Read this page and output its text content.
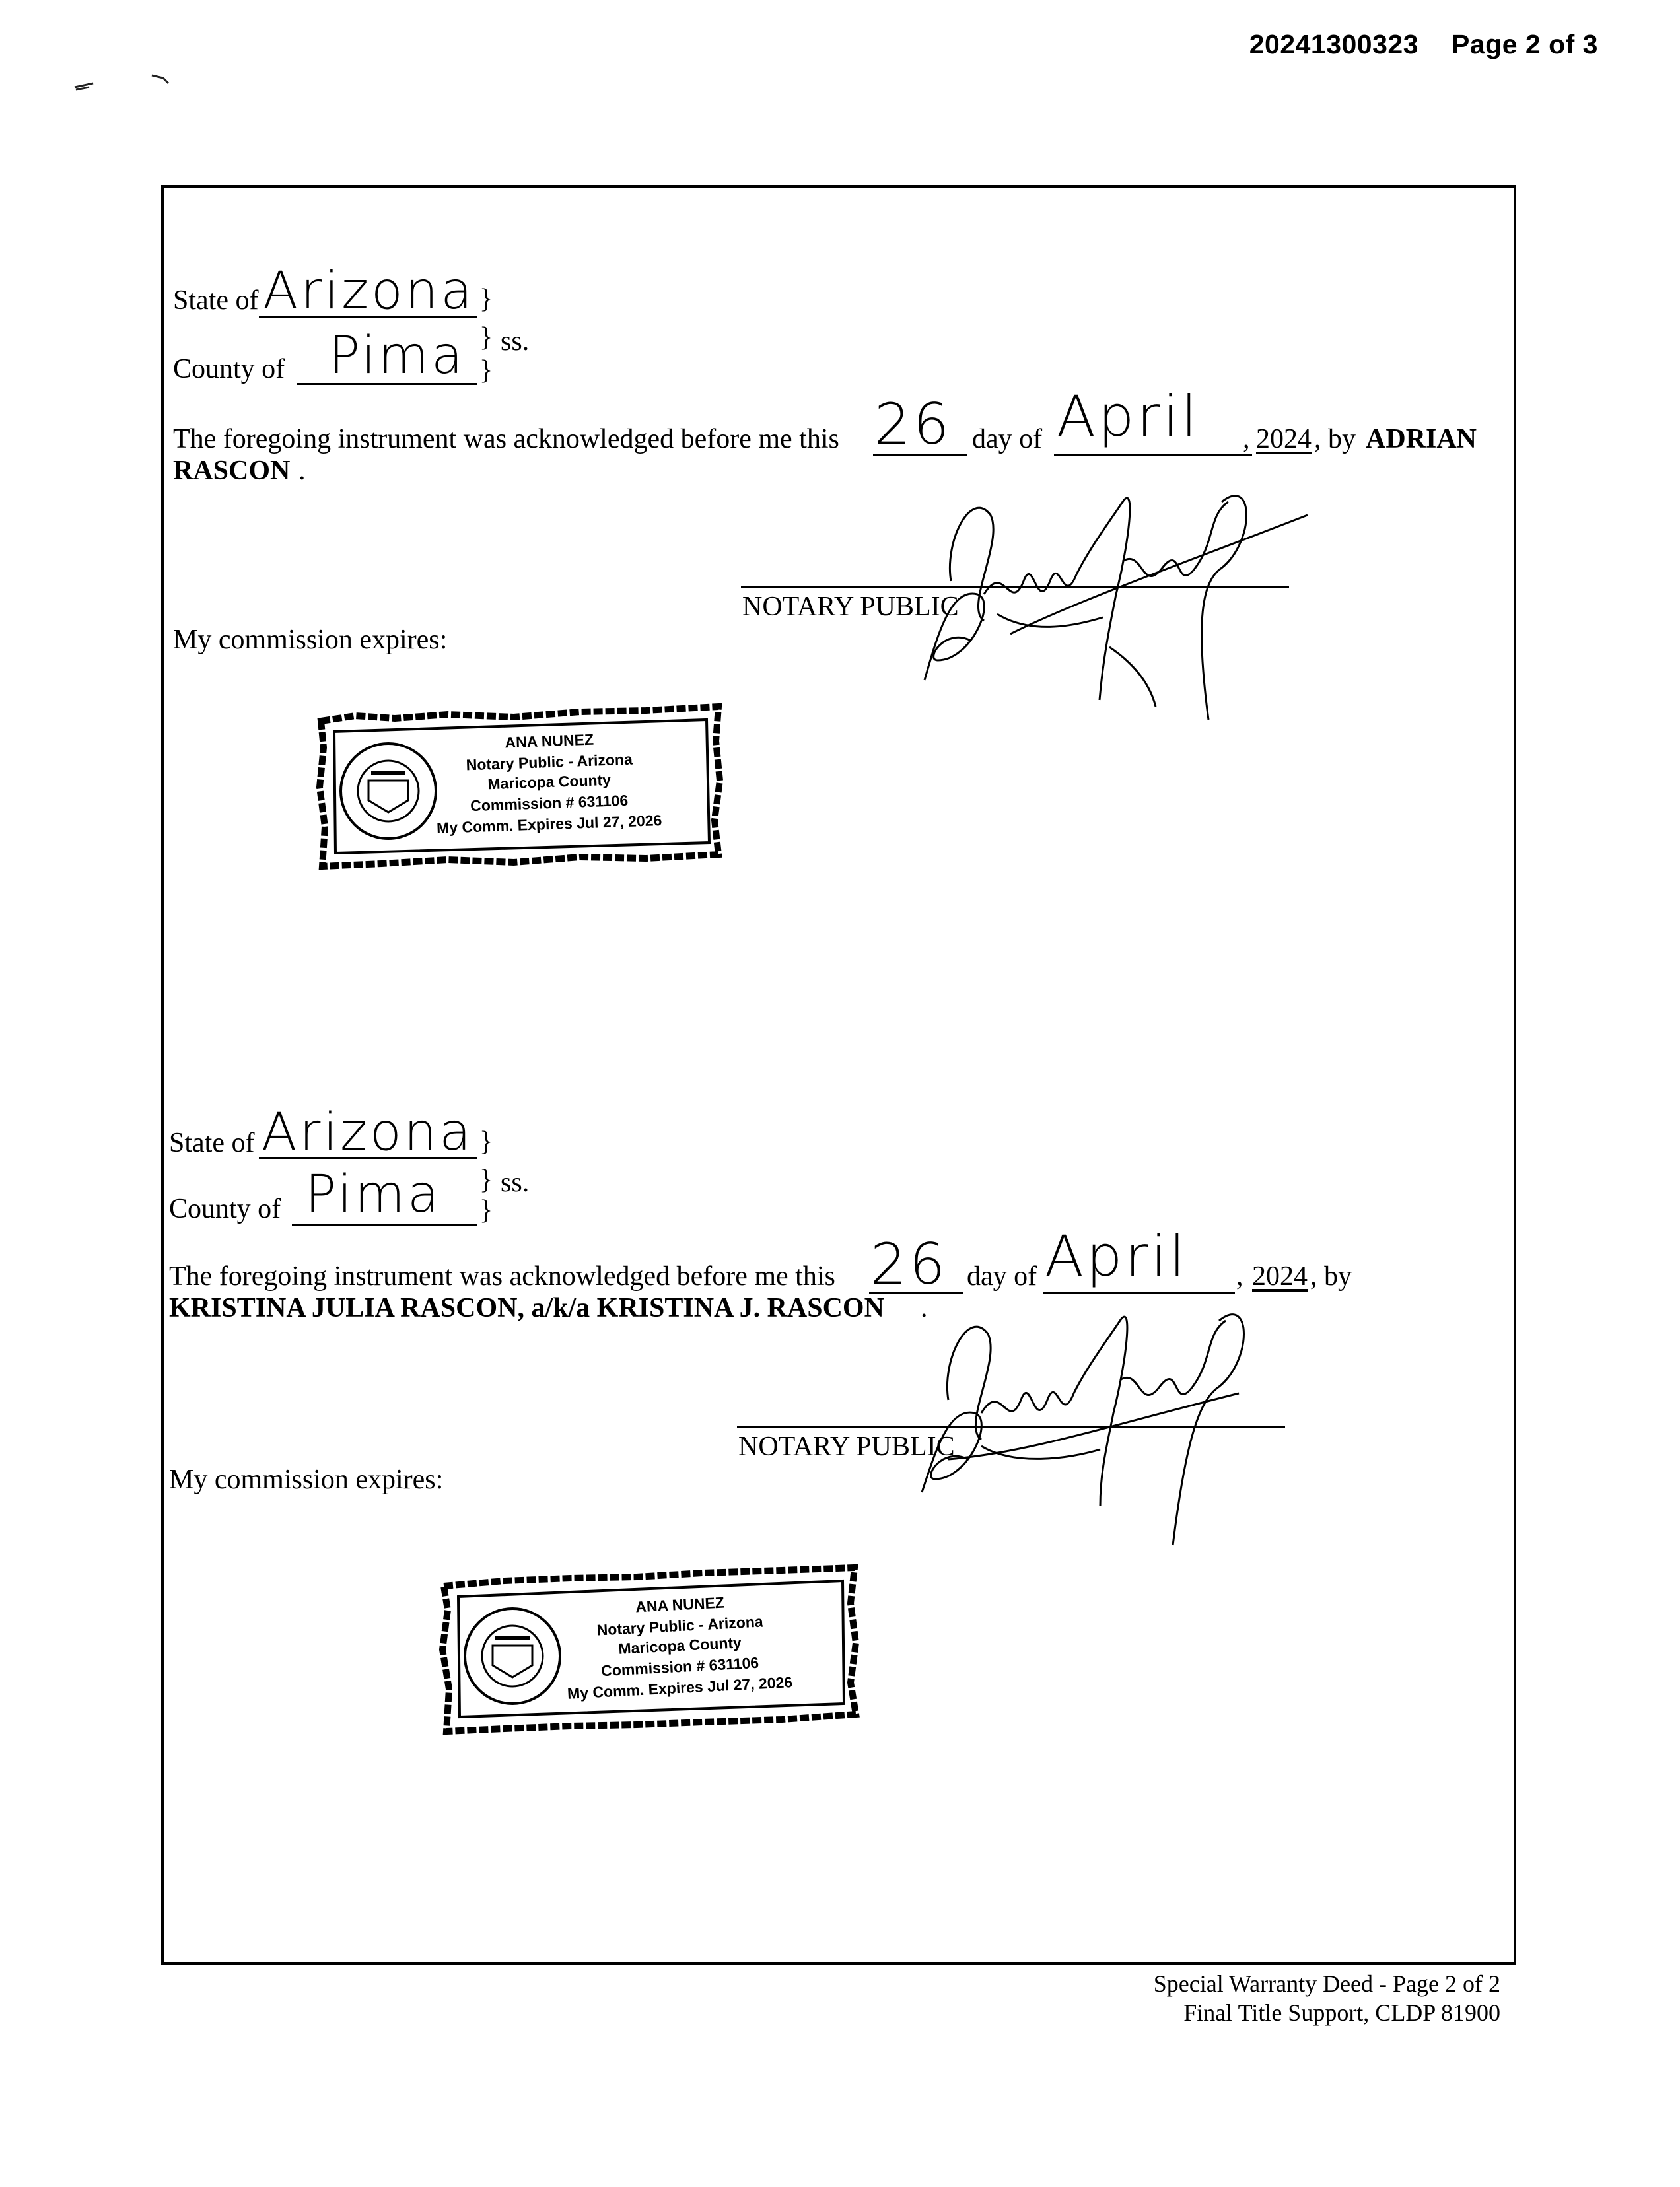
20241300323 Page 2 of 3
State of Arizona }
} ss.
County of Pima }
The foregoing instrument was acknowledged before me this 26 day of April , 2024 , by ADRIAN
RASCON .
NOTARY PUBLIC
My commission expires:
ANA NUNEZ
Notary Public - Arizona
Maricopa County
Commission # 631106
My Comm. Expires Jul 27, 2026
State of Arizona }
} ss.
County of Pima }
The foregoing instrument was acknowledged before me this 26 day of April , 2024 , by
KRISTINA JULIA RASCON, a/k/a KRISTINA J. RASCON .
NOTARY PUBLIC
My commission expires:
ANA NUNEZ
Notary Public - Arizona
Maricopa County
Commission # 631106
My Comm. Expires Jul 27, 2026
Special Warranty Deed - Page 2 of 2
Final Title Support, CLDP 81900
